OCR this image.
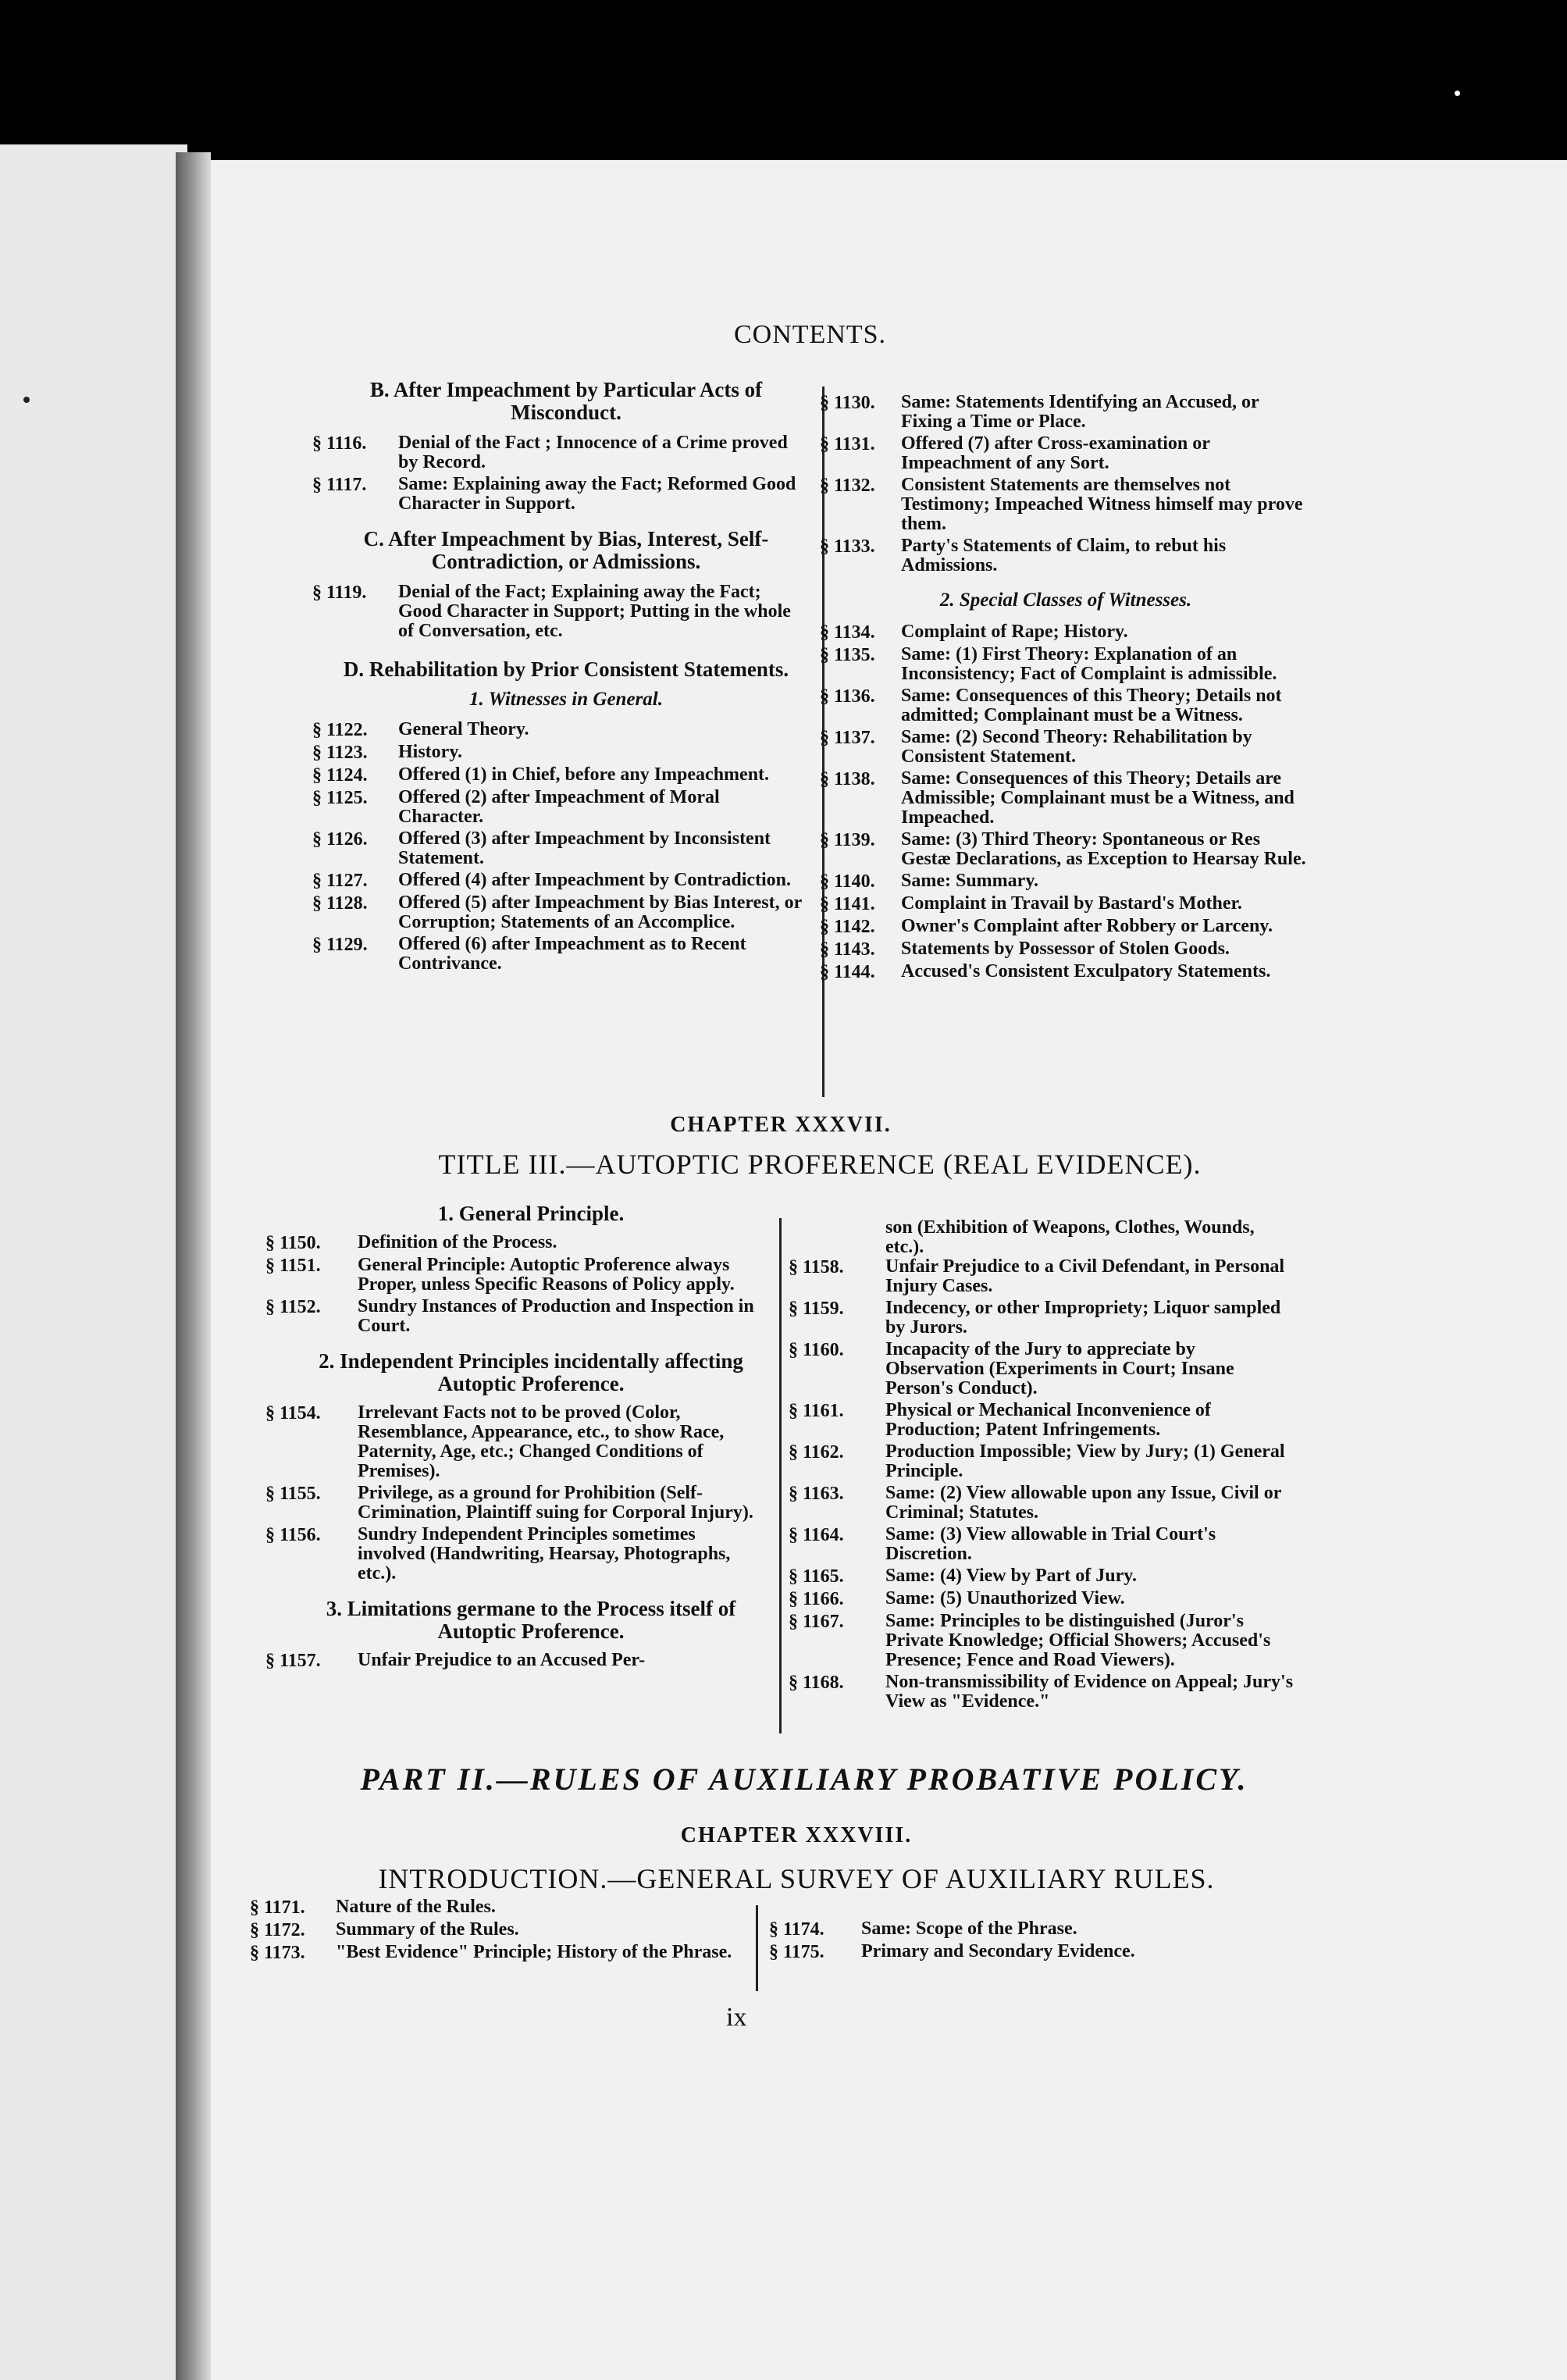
CONTENTS.
B. After Impeachment by Particular Acts of Misconduct.
§ 1116.	Denial of the Fact ; Innocence of a Crime proved by Record.
§ 1117.	Same: Explaining away the Fact; Reformed Good Character in Support.
C. After Impeachment by Bias, Interest, Self-Contradiction, or Admissions.
§ 1119.	Denial of the Fact; Explaining away the Fact; Good Character in Support; Putting in the whole of Conversation, etc.
D. Rehabilitation by Prior Consistent Statements.
1. Witnesses in General.
§ 1122.	General Theory.
§ 1123.	History.
§ 1124.	Offered (1) in Chief, before any Impeachment.
§ 1125.	Offered (2) after Impeachment of Moral Character.
§ 1126.	Offered (3) after Impeachment by Inconsistent Statement.
§ 1127.	Offered (4) after Impeachment by Contradiction.
§ 1128.	Offered (5) after Impeachment by Bias Interest, or Corruption; Statements of an Accomplice.
§ 1129.	Offered (6) after Impeachment as to Recent Contrivance.
§ 1130.	Same: Statements Identifying an Accused, or Fixing a Time or Place.
§ 1131.	Offered (7) after Cross-examination or Impeachment of any Sort.
§ 1132.	Consistent Statements are themselves not Testimony; Impeached Witness himself may prove them.
§ 1133.	Party's Statements of Claim, to rebut his Admissions.
2. Special Classes of Witnesses.
§ 1134.	Complaint of Rape; History.
§ 1135.	Same: (1) First Theory: Explanation of an Inconsistency; Fact of Complaint is admissible.
§ 1136.	Same: Consequences of this Theory; Details not admitted; Complainant must be a Witness.
§ 1137.	Same: (2) Second Theory: Rehabilitation by Consistent Statement.
§ 1138.	Same: Consequences of this Theory; Details are Admissible; Complainant must be a Witness, and Impeached.
§ 1139.	Same: (3) Third Theory: Spontaneous or Res Gestæ Declarations, as Exception to Hearsay Rule.
§ 1140.	Same: Summary.
§ 1141.	Complaint in Travail by Bastard's Mother.
§ 1142.	Owner's Complaint after Robbery or Larceny.
§ 1143.	Statements by Possessor of Stolen Goods.
§ 1144.	Accused's Consistent Exculpatory Statements.
CHAPTER XXXVII.
TITLE III.—AUTOPTIC PROFERENCE (REAL EVIDENCE).
1. General Principle.
§ 1150.	Definition of the Process.
§ 1151.	General Principle: Autoptic Proference always Proper, unless Specific Reasons of Policy apply.
§ 1152.	Sundry Instances of Production and Inspection in Court.
2. Independent Principles incidentally affecting Autoptic Proference.
§ 1154.	Irrelevant Facts not to be proved (Color, Resemblance, Appearance, etc., to show Race, Paternity, Age, etc.; Changed Conditions of Premises).
§ 1155.	Privilege, as a ground for Prohibition (Self-Crimination, Plaintiff suing for Corporal Injury).
§ 1156.	Sundry Independent Principles sometimes involved (Handwriting, Hearsay, Photographs, etc.).
3. Limitations germane to the Process itself of Autoptic Proference.
§ 1157.	Unfair Prejudice to an Accused Per-
son (Exhibition of Weapons, Clothes, Wounds, etc.).
§ 1158.	Unfair Prejudice to a Civil Defendant, in Personal Injury Cases.
§ 1159.	Indecency, or other Impropriety; Liquor sampled by Jurors.
§ 1160.	Incapacity of the Jury to appreciate by Observation (Experiments in Court; Insane Person's Conduct).
§ 1161.	Physical or Mechanical Inconvenience of Production; Patent Infringements.
§ 1162.	Production Impossible; View by Jury; (1) General Principle.
§ 1163.	Same: (2) View allowable upon any Issue, Civil or Criminal; Statutes.
§ 1164.	Same: (3) View allowable in Trial Court's Discretion.
§ 1165.	Same: (4) View by Part of Jury.
§ 1166.	Same: (5) Unauthorized View.
§ 1167.	Same: Principles to be distinguished (Juror's Private Knowledge; Official Showers; Accused's Presence; Fence and Road Viewers).
§ 1168.	Non-transmissibility of Evidence on Appeal; Jury's View as "Evidence."
PART II.—RULES OF AUXILIARY PROBATIVE POLICY.
CHAPTER XXXVIII.
INTRODUCTION.—GENERAL SURVEY OF AUXILIARY RULES.
§ 1171.	Nature of the Rules.
§ 1172.	Summary of the Rules.
§ 1173.	"Best Evidence" Principle; History of the Phrase.
§ 1174.	Same: Scope of the Phrase.
§ 1175.	Primary and Secondary Evidence.
ix
